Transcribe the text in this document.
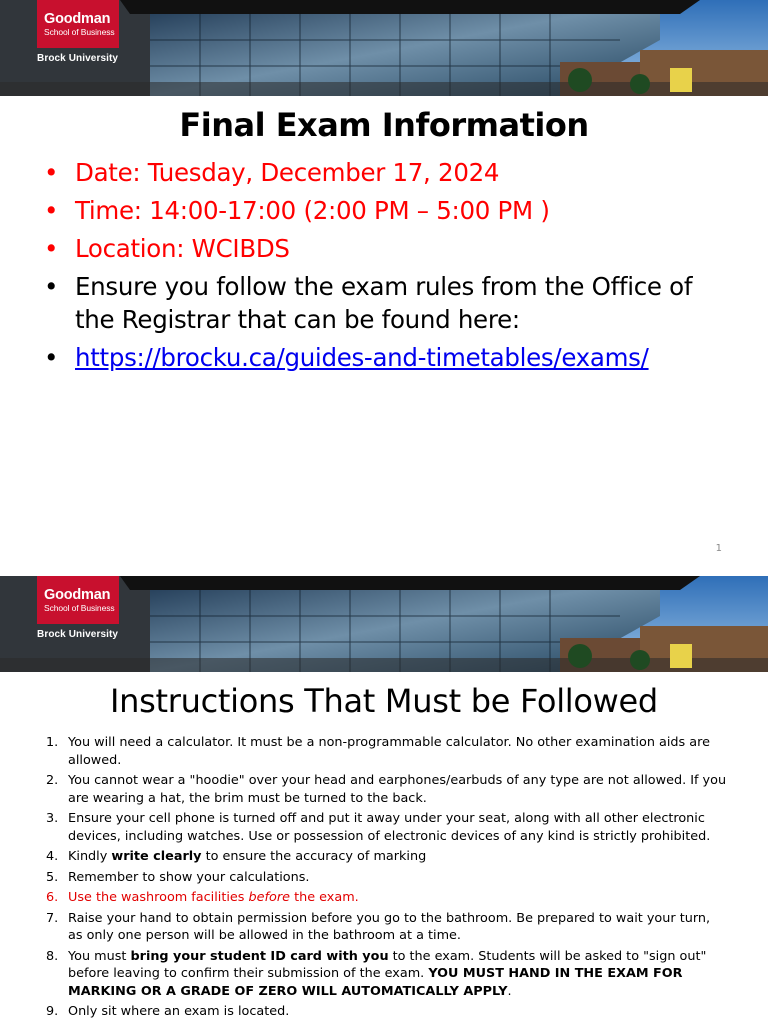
Goodman
School of Business
Brock University
Final Exam Information
• Date: Tuesday, December 17, 2024
• Time: 14:00-17:00 (2:00 PM – 5:00 PM )
• Location: WCIBDS
• Ensure you follow the exam rules from the Office of the Registrar that can be found here:
• https://brocku.ca/guides-and-timetables/exams/
1
Goodman
School of Business
Brock University
Instructions That Must be Followed
1. You will need a calculator. It must be a non-programmable calculator. No other examination aids are allowed.
2. You cannot wear a "hoodie" over your head and earphones/earbuds of any type are not allowed. If you are wearing a hat, the brim must be turned to the back.
3. Ensure your cell phone is turned off and put it away under your seat, along with all other electronic devices, including watches. Use or possession of electronic devices of any kind is strictly prohibited.
4. Kindly write clearly to ensure the accuracy of marking
5. Remember to show your calculations.
6. Use the washroom facilities before the exam.
7. Raise your hand to obtain permission before you go to the bathroom. Be prepared to wait your turn, as only one person will be allowed in the bathroom at a time.
8. You must bring your student ID card with you to the exam. Students will be asked to "sign out" before leaving to confirm their submission of the exam. YOU MUST HAND IN THE EXAM FOR MARKING OR A GRADE OF ZERO WILL AUTOMATICALLY APPLY.
9. Only sit where an exam is located.
